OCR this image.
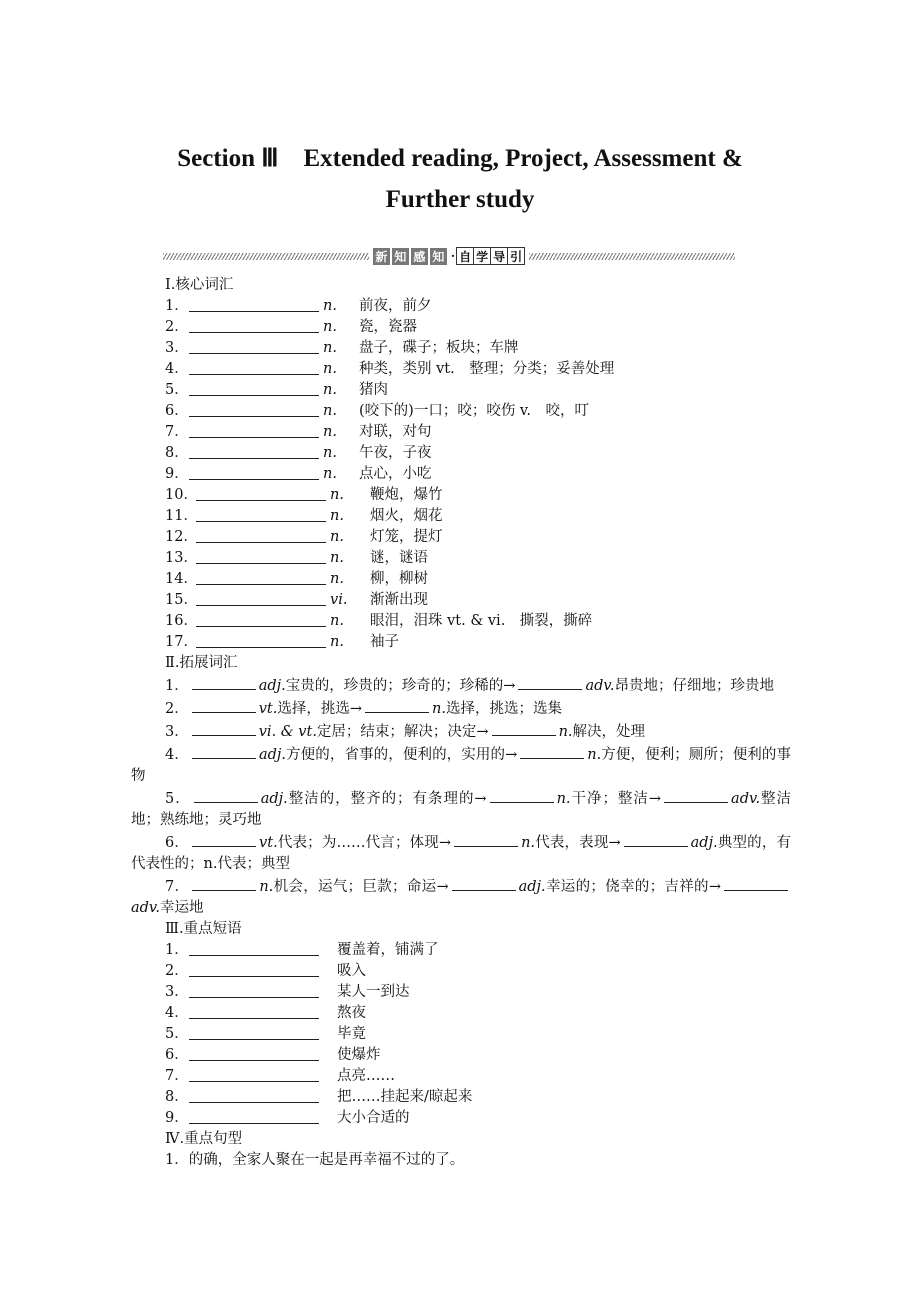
Section Ⅲ　Extended reading, Project, Assessment &
Further study
新 知 感 知 · 自 学 导 引
Ⅰ.核心词汇
1．	n.	前夜，前夕
2．	n.	瓷，瓷器
3．	n.	盘子，碟子；板块；车牌
4．	n.	种类，类别 vt.　整理；分类；妥善处理
5．	n.	猪肉
6．	n.	(咬下的)一口；咬；咬伤 v.　咬，叮
7．	n.	对联，对句
8．	n.	午夜，子夜
9．	n.	点心，小吃
10．	n.	鞭炮，爆竹
11．	n.	烟火，烟花
12．	n.	灯笼，提灯
13．	n.	谜，谜语
14．	n.	柳，柳树
15．	vi.	渐渐出现
16．	n.	眼泪，泪珠 vt. & vi.　撕裂，撕碎
17．	n.	袖子
Ⅱ.拓展词汇
1．	adj.宝贵的，珍贵的；珍奇的；珍稀的→	adv.昂贵地；仔细地；珍贵地
2．	vt.选择，挑选→	n.选择，挑选；选集
3．	vi. & vt.定居；结束；解决；决定→	n.解决，处理
4．	adj.方便的，省事的，便利的，实用的→	n.方便，便利；厕所；便利的事物
5．	adj.整洁的，整齐的；有条理的→	n.干净；整洁→	adv.整洁地；熟练地；灵巧地
6．	vt.代表；为……代言；体现→	n.代表，表现→	adj.典型的，有代表性的；n.代表；典型
7．	n.机会，运气；巨款；命运→	adj.幸运的；侥幸的；吉祥的→adv.幸运地
Ⅲ.重点短语
1．	覆盖着，铺满了
2．	吸入
3．	某人一到达
4．	熬夜
5．	毕竟
6．	使爆炸
7．	点亮……
8．	把……挂起来/晾起来
9．	大小合适的
Ⅳ.重点句型
1． 的确，全家人聚在一起是再幸福不过的了。
